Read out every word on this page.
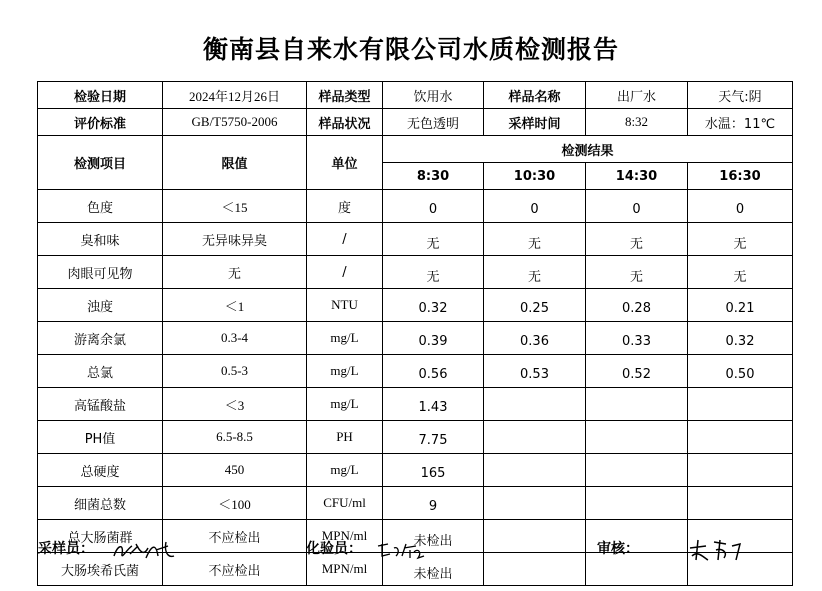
衡南县自来水有限公司水质检测报告
检验日期	2024年12月26日	样品类型	饮用水	样品名称	出厂水	天气:阴
评价标准	GB/T5750-2006	样品状况	无色透明	采样时间	8:32	水温：11℃
检测项目	限值	单位	检测结果			
			8:30	10:30	14:30	16:30
色度	＜15	度	0	0	0	0
臭和味	无异味异臭	/	无	无	无	无
肉眼可见物	无	/	无	无	无	无
浊度	＜1	NTU	0.32	0.25	0.28	0.21
游离余氯	0.3-4	mg/L	0.39	0.36	0.33	0.32
总氯	0.5-3	mg/L	0.56	0.53	0.52	0.50
高锰酸盐	＜3	mg/L	1.43			
PH值	6.5-8.5	PH	7.75			
总硬度	450	mg/L	165			
细菌总数	＜100	CFU/ml	9			
总大肠菌群	不应检出	MPN/ml	未检出			
大肠埃希氏菌	不应检出	MPN/ml	未检出			
采样员：	化验员：	审核：
